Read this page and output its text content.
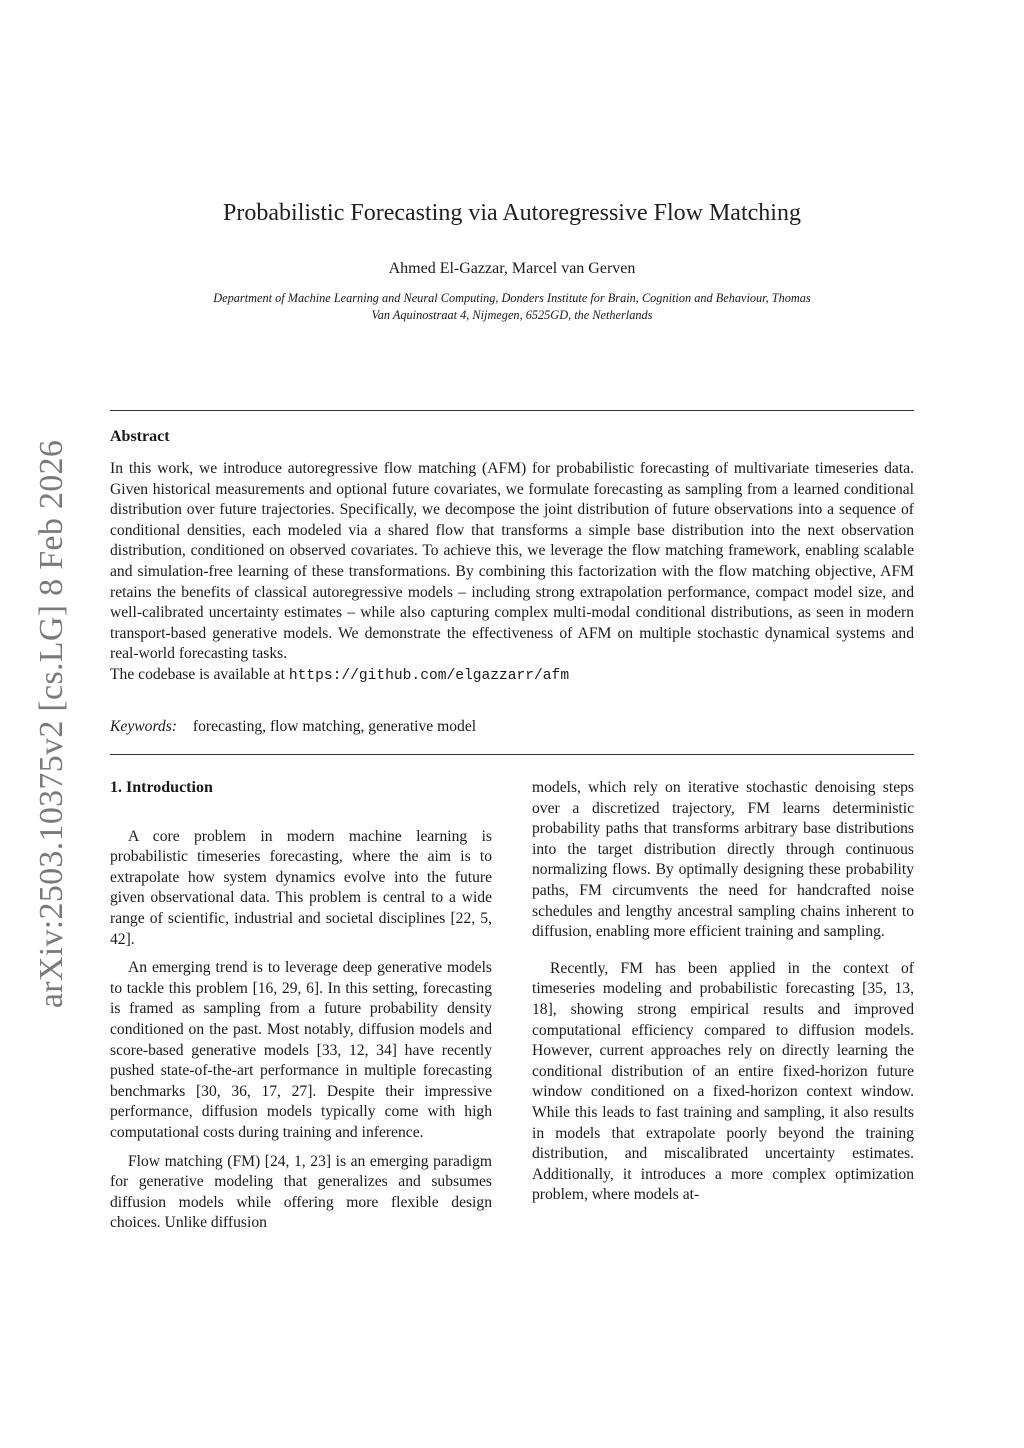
arXiv:2503.10375v2 [cs.LG] 8 Feb 2026
Probabilistic Forecasting via Autoregressive Flow Matching
Ahmed El-Gazzar, Marcel van Gerven
Department of Machine Learning and Neural Computing, Donders Institute for Brain, Cognition and Behaviour, Thomas
Van Aquinostraat 4, Nijmegen, 6525GD, the Netherlands
Abstract

In this work, we introduce autoregressive flow matching (AFM) for probabilistic forecasting of multivariate timeseries data. Given historical measurements and optional future covariates, we formulate forecasting as sampling from a learned conditional distribution over future trajectories. Specifically, we decompose the joint distribution of future observations into a sequence of conditional densities, each modeled via a shared flow that transforms a simple base distribution into the next observation distribution, conditioned on observed covariates. To achieve this, we leverage the flow matching framework, enabling scalable and simulation-free learning of these transformations. By combining this factorization with the flow matching objective, AFM retains the benefits of classical autoregressive models – including strong extrapolation performance, compact model size, and well-calibrated uncertainty estimates – while also capturing complex multi-modal conditional distributions, as seen in modern transport-based generative models. We demonstrate the effectiveness of AFM on multiple stochastic dynamical systems and real-world forecasting tasks.

The codebase is available at https://github.com/elgazzarr/afm
Keywords: forecasting, flow matching, generative model
1. Introduction

A core problem in modern machine learning is probabilistic timeseries forecasting, where the aim is to extrapolate how system dynamics evolve into the future given observational data. This problem is central to a wide range of scientific, industrial and societal disciplines [22, 5, 42].

An emerging trend is to leverage deep generative models to tackle this problem [16, 29, 6]. In this setting, forecasting is framed as sampling from a future probability density conditioned on the past. Most notably, diffusion models and score-based generative models [33, 12, 34] have recently pushed state-of-the-art performance in multiple forecasting benchmarks [30, 36, 17, 27]. Despite their impressive performance, diffusion models typically come with high computational costs during training and inference.

Flow matching (FM) [24, 1, 23] is an emerging paradigm for generative modeling that generalizes and subsumes diffusion models while offering more flexible design choices. Unlike diffusion

models, which rely on iterative stochastic denoising steps over a discretized trajectory, FM learns deterministic probability paths that transforms arbitrary base distributions into the target distribution directly through continuous normalizing flows. By optimally designing these probability paths, FM circumvents the need for handcrafted noise schedules and lengthy ancestral sampling chains inherent to diffusion, enabling more efficient training and sampling.

Recently, FM has been applied in the context of timeseries modeling and probabilistic forecasting [35, 13, 18], showing strong empirical results and improved computational efficiency compared to diffusion models. However, current approaches rely on directly learning the conditional distribution of an entire fixed-horizon future window conditioned on a fixed-horizon context window. While this leads to fast training and sampling, it also results in models that extrapolate poorly beyond the training distribution, and miscalibrated uncertainty estimates. Additionally, it introduces a more complex optimization problem, where models at-
